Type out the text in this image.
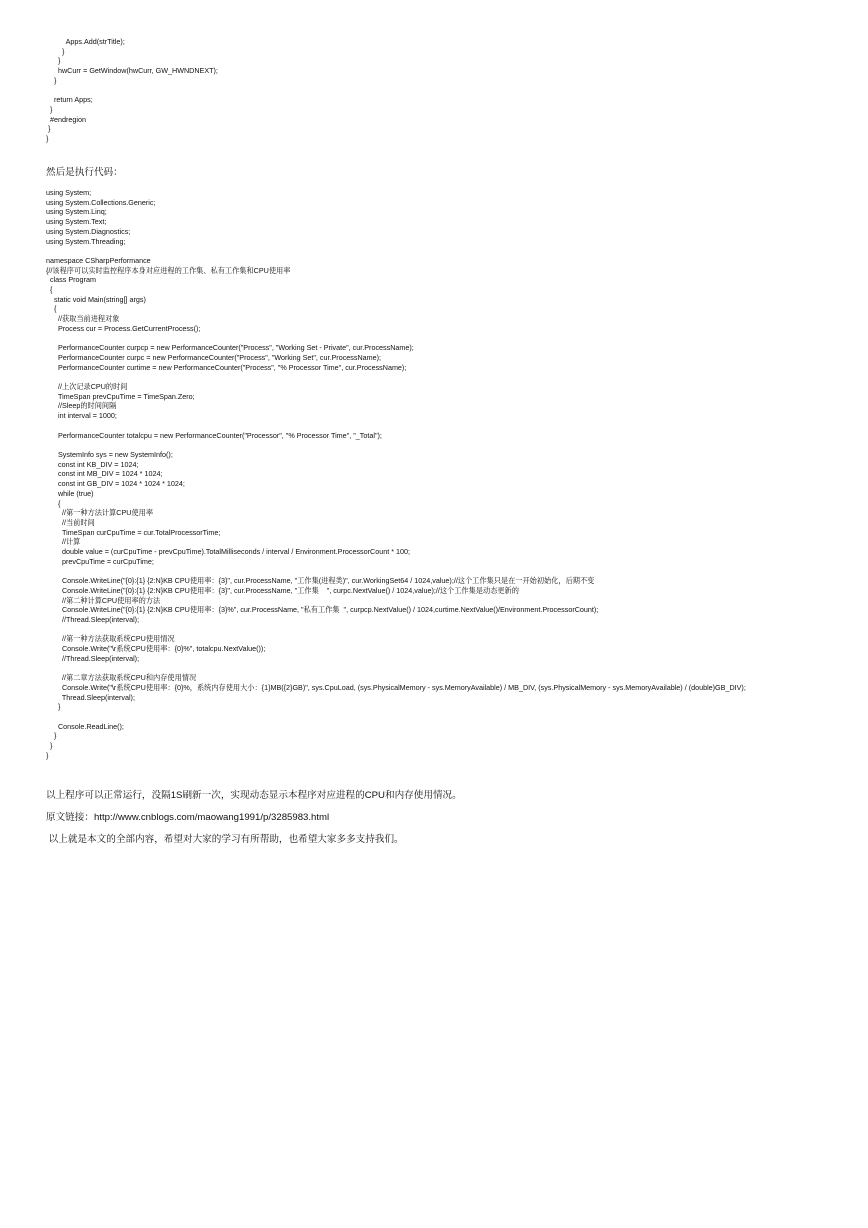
Apps.Add(strTitle);
}
}
hwCurr = GetWindow(hwCurr, GW_HWNDNEXT);
}

return Apps;
}
#endregion
}
}

然后是执行代码：

using System;
using System.Collections.Generic;
using System.Linq;
using System.Text;
using System.Diagnostics;
using System.Threading;

namespace CSharpPerformance
{//该程序可以实时监控程序本身对应进程的工作集、私有工作集和CPU使用率
class Program
{
static void Main(string[] args)
{
//获取当前进程对象
Process cur = Process.GetCurrentProcess();

PerformanceCounter curpcp = new PerformanceCounter("Process", "Working Set - Private", cur.ProcessName);
PerformanceCounter curpc = new PerformanceCounter("Process", "Working Set", cur.ProcessName);
PerformanceCounter curtime = new PerformanceCounter("Process", "% Processor Time", cur.ProcessName);

//上次记录CPU的时间
TimeSpan prevCpuTime = TimeSpan.Zero;
//Sleep的时间间隔
int interval = 1000;

PerformanceCounter totalcpu = new PerformanceCounter("Processor", "% Processor Time", "_Total");

SystemInfo sys = new SystemInfo();
const int KB_DIV = 1024;
const int MB_DIV = 1024 * 1024;
const int GB_DIV = 1024 * 1024 * 1024;
while (true)
{
//第一种方法计算CPU使用率
//当前时间
TimeSpan curCpuTime = cur.TotalProcessorTime;
//计算
double value = (curCpuTime - prevCpuTime).TotalMilliseconds / interval / Environment.ProcessorCount * 100;
prevCpuTime = curCpuTime;

Console.WriteLine("{0}:{1} {2:N}KB CPU使用率：{3}", cur.ProcessName, "工作集(进程类)", cur.WorkingSet64 / 1024,value);//这个工作集只是在一开始初始化，后期不变
Console.WriteLine("{0}:{1} {2:N}KB CPU使用率：{3}", cur.ProcessName, "工作集    ", curpc.NextValue() / 1024,value);//这个工作集是动态更新的
//第二种计算CPU使用率的方法
Console.WriteLine("{0}:{1} {2:N}KB CPU使用率：{3}%", cur.ProcessName, "私有工作集  ", curpcp.NextValue() / 1024,curtime.NextValue()/Environment.ProcessorCount);
//Thread.Sleep(interval);

//第一种方法获取系统CPU使用情况
Console.Write("\r系统CPU使用率：{0}%", totalcpu.NextValue());
//Thread.Sleep(interval);

//第二章方法获取系统CPU和内存使用情况
Console.Write("\r系统CPU使用率：{0}%，系统内存使用大小：{1}MB({2}GB)", sys.CpuLoad, (sys.PhysicalMemory - sys.MemoryAvailable) / MB_DIV, (sys.PhysicalMemory - sys.MemoryAvailable) / (double)GB_DIV);
Thread.Sleep(interval);
}

Console.ReadLine();
}
}
}

以上程序可以正常运行，没隔1S刷新一次，实现动态显示本程序对应进程的CPU和内存使用情况。

原文链接：http://www.cnblogs.com/maowang1991/p/3285983.html

以上就是本文的全部内容，希望对大家的学习有所帮助，也希望大家多多支持我们。
